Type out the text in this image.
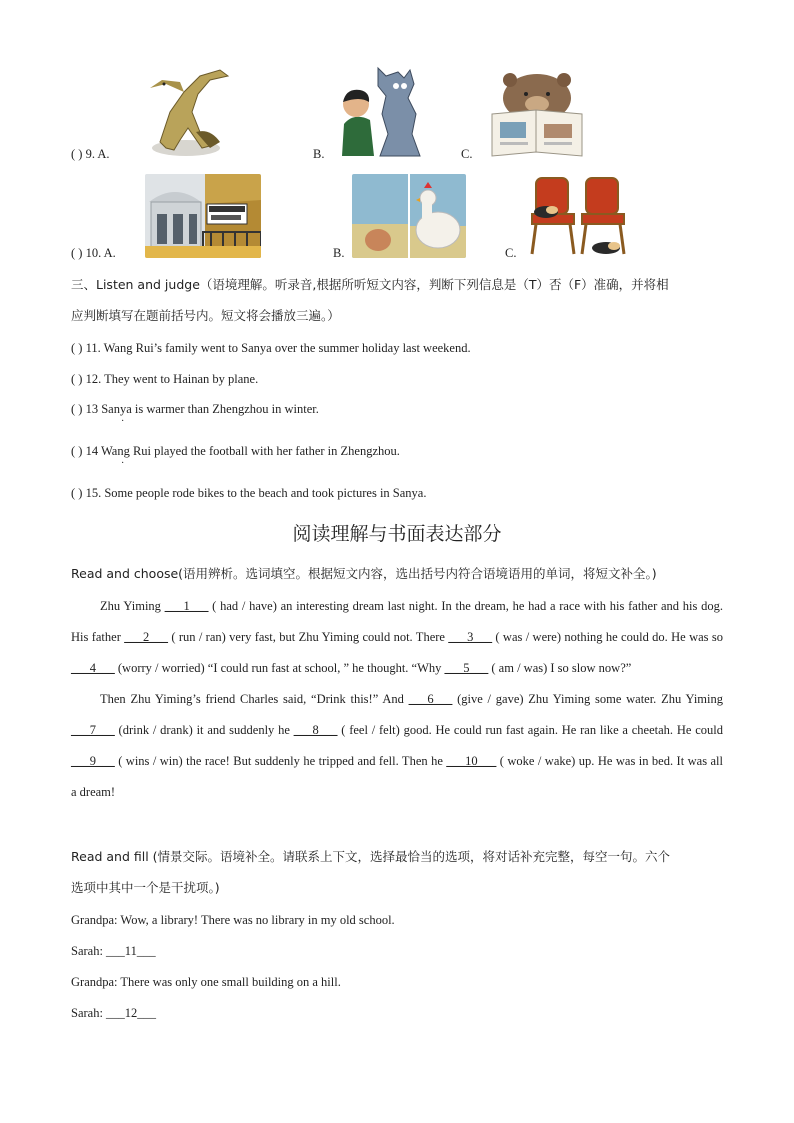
( ) 9. A.	B.	C.
( ) 10. A.	B.	C.
三、Listen and judge（语境理解。听录音,根据所听短文内容，判断下列信息是（T）否（F）准确，并将相
应判断填写在题前括号内。短文将会播放三遍。）
( ) 11. Wang Rui’s family went to Sanya over the summer holiday last weekend.
( ) 12. They went to Hainan by plane.
( ) 13 Sanya is warmer than Zhengzhou in winter.
·
( ) 14 Wang Rui played the football with her father in Zhengzhou.
·
( ) 15. Some people rode bikes to the beach and took pictures in Sanya.
阅读理解与书面表达部分
Read and choose(语用辨析。选词填空。根据短文内容，选出括号内符合语境语用的单词，将短文补全。)

Zhu Yiming ___1___ ( had / have) an interesting dream last night. In the dream, he had a race with his father and his dog. His father ___2___ ( run / ran) very fast, but Zhu Yiming could not. There ___3___ ( was / were) nothing he could do. He was so ___4___ (worry / worried) “I could run fast at school, ” he thought. “Why ___5___ ( am / was) I so slow now?”

Then Zhu Yiming’s friend Charles said, “Drink this!” And ___6___ (give / gave) Zhu Yiming some water. Zhu Yiming ___7___ (drink / drank) it and suddenly he ___8___ ( feel / felt) good. He could run fast again. He ran like a cheetah. He could ___9___ ( wins / win) the race! But suddenly he tripped and fell. Then he ___10___ ( woke / wake) up. He was in bed. It was all a dream!

Read and fill (情景交际。语境补全。请联系上下文，选择最恰当的选项，将对话补充完整，每空一句。六个
选项中其中一个是干扰项。)
Grandpa: Wow, a library! There was no library in my old school.
Sarah: ___11___
Grandpa: There was only one small building on a hill.
Sarah: ___12___
